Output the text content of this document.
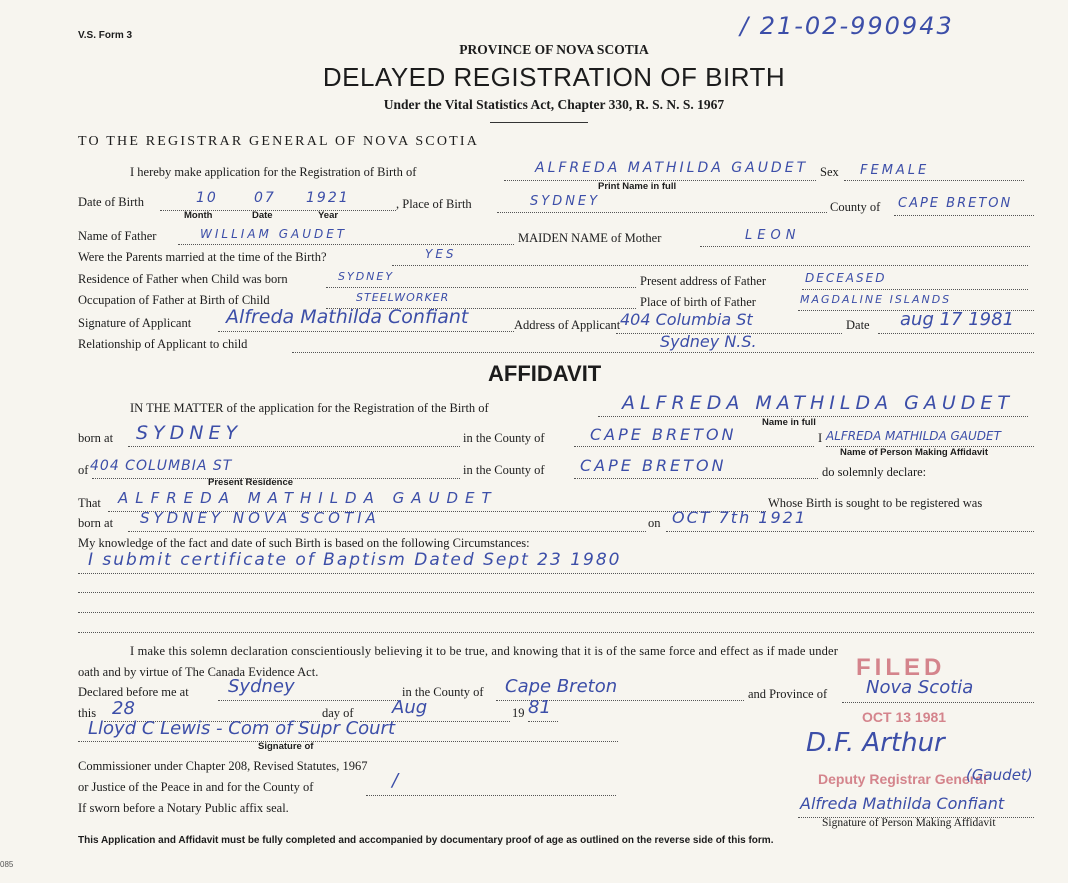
V.S. Form 3	/ 21-02-990943
PROVINCE OF NOVA SCOTIA
DELAYED REGISTRATION OF BIRTH
Under the Vital Statistics Act, Chapter 330, R. S. N. S. 1967
TO THE REGISTRAR GENERAL OF NOVA SCOTIA
I hereby make application for the Registration of Birth of	ALFREDA MATHILDA GAUDET
Print Name in full
Sex FEMALE
Date of Birth	10	07 1921
Month	Date	Year
, Place of Birth	SYDNEY	County of CAPE BRETON
Name of Father	WILLIAM GAUDET	MAIDEN NAME of Mother	LEON
Were the Parents married at the time of the Birth?	YES
Residence of Father when Child was born	SYDNEY	Present address of Father	DECEASED
Occupation of Father at Birth of Child	STEELWORKER	Place of birth of Father	MAGDALINE ISLANDS
Signature of Applicant Alfreda Mathilda Confiant	Address of Applicant 404 Columbia St
Sydney N.S.
Date aug 17 1981
Relationship of Applicant to child
AFFIDAVIT
IN THE MATTER of the application for the Registration of the Birth of	ALFREDA MATHILDA GAUDET
Name in full
born at SYDNEY	in the County of	CAPE BRETON	I ALFREDA MATHILDA GAUDET
Name of Person Making Affidavit
of 404 COLUMBIA ST
Present Residence
in the County of CAPE BRETON	do solemnly declare:
That ALFREDA MATHILDA GAUDET	Whose Birth is sought to be registered was
born at SYDNEY NOVA SCOTIA	on OCT 7th 1921
My knowledge of the fact and date of such Birth is based on the following Circumstances:
I submit certificate of Baptism Dated Sept 23 1980
I make this solemn declaration conscientiously believing it to be true, and knowing that it is of the same force and effect as if made under
oath and by virtue of The Canada Evidence Act.
Declared before me at Sydney	in the County of Cape Breton	and Province of Nova Scotia
this 28	day of Aug	19 81
Lloyd C Lewis - Com of Supr Court
Signature of
Commissioner under Chapter 208, Revised Statutes, 1967
or Justice of the Peace in and for the County of	/
If sworn before a Notary Public affix seal.
FILED
OCT 13 1981
D.F. Arthur
Deputy Registrar General
(Gaudet)
Alfreda Mathilda Confiant
Signature of Person Making Affidavit
This Application and Affidavit must be fully completed and accompanied by documentary proof of age as outlined on the reverse side of this form.
085
